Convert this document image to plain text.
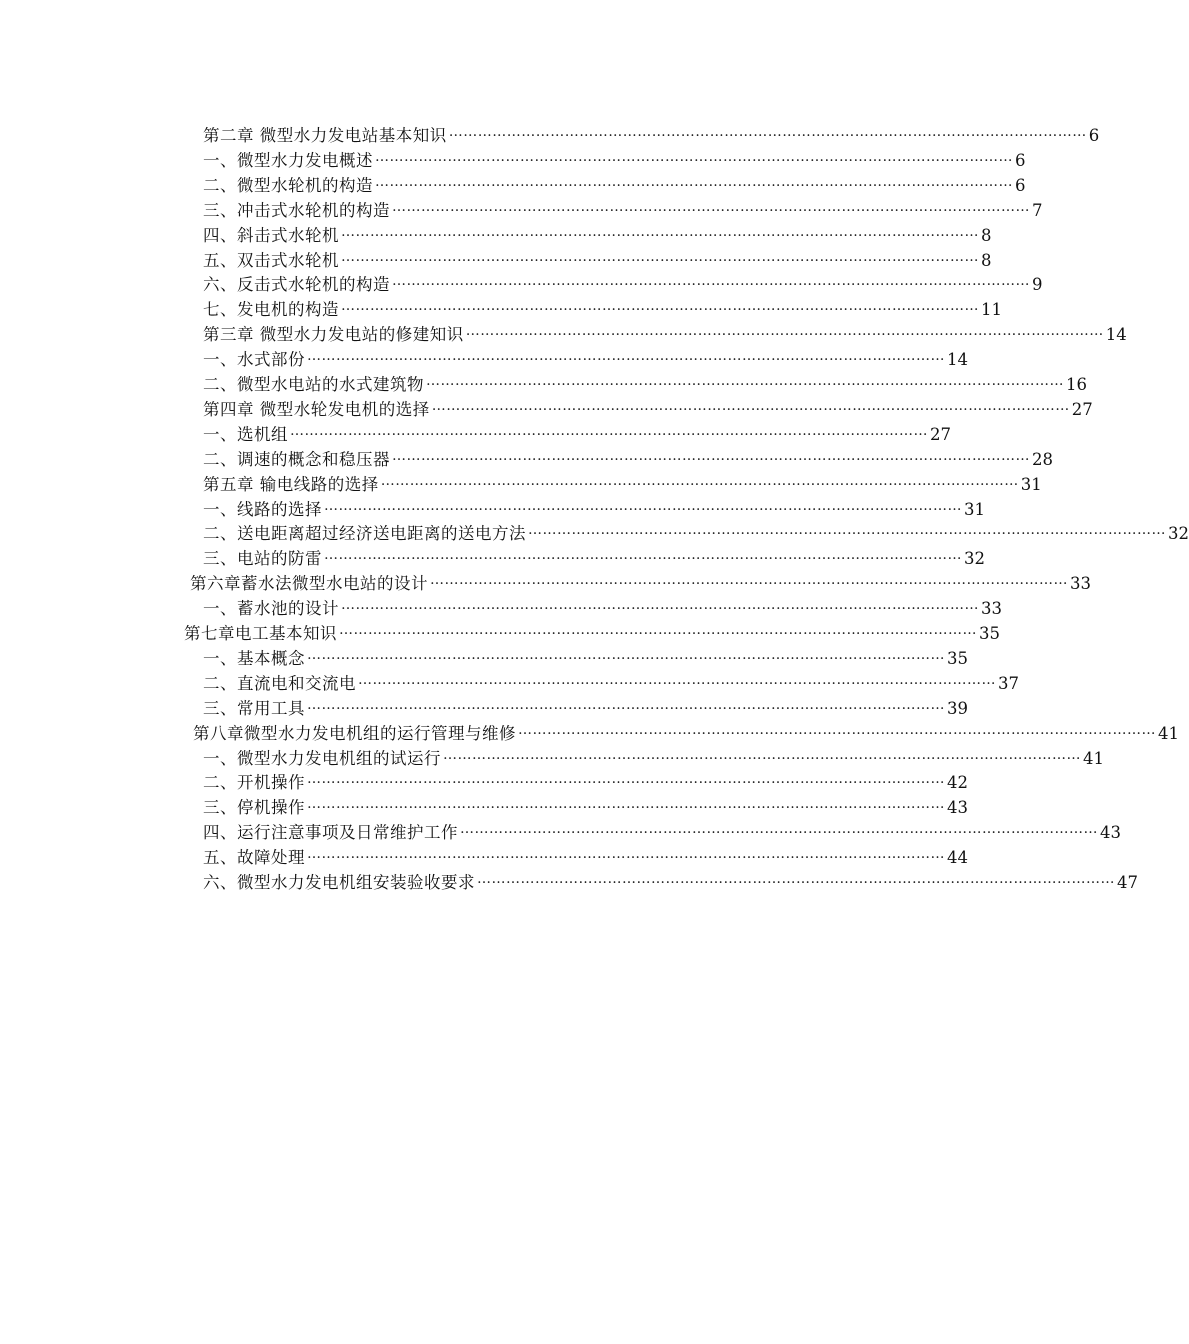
第二章 微型水力发电站基本知识 …………………………………………………………………………………………………………………… 6
一、微型水力发电概述 …………………………………………………………………………………………………………………… 6
二、微型水轮机的构造 …………………………………………………………………………………………………………………… 6
三、冲击式水轮机的构造 …………………………………………………………………………………………………………………… 7
四、斜击式水轮机 …………………………………………………………………………………………………………………… 8
五、双击式水轮机 …………………………………………………………………………………………………………………… 8
六、反击式水轮机的构造 …………………………………………………………………………………………………………………… 9
七、发电机的构造 …………………………………………………………………………………………………………………… 11
第三章 微型水力发电站的修建知识 …………………………………………………………………………………………………………………… 14
一、水式部份 …………………………………………………………………………………………………………………… 14
二、微型水电站的水式建筑物 …………………………………………………………………………………………………………………… 16
第四章 微型水轮发电机的选择 …………………………………………………………………………………………………………………… 27
一、选机组 …………………………………………………………………………………………………………………… 27
二、调速的概念和稳压器 …………………………………………………………………………………………………………………… 28
第五章 输电线路的选择 …………………………………………………………………………………………………………………… 31
一、线路的选择 …………………………………………………………………………………………………………………… 31
二、送电距离超过经济送电距离的送电方法 …………………………………………………………………………………………………………………… 32
三、电站的防雷 …………………………………………………………………………………………………………………… 32
第六章 蓄水法微型水电站的设计 …………………………………………………………………………………………………………………… 33
一、 蓄水池的设计 …………………………………………………………………………………………………………………… 33
第七章 电工基本知识 …………………………………………………………………………………………………………………… 35
一、基本概念 …………………………………………………………………………………………………………………… 35
二、直流电和交流电 …………………………………………………………………………………………………………………… 37
三、常用工具 …………………………………………………………………………………………………………………… 39
第八章 微型水力发电机组的运行管理与维修 …………………………………………………………………………………………………………………… 41
一、微型水力发电机组的试运行 …………………………………………………………………………………………………………………… 41
二、开机操作 …………………………………………………………………………………………………………………… 42
三、停机操作 …………………………………………………………………………………………………………………… 43
四、运行注意事项及日常维护工作 …………………………………………………………………………………………………………………… 43
五、故障处理 …………………………………………………………………………………………………………………… 44
六、微型水力发电机组安装验收要求 …………………………………………………………………………………………………………………… 47
